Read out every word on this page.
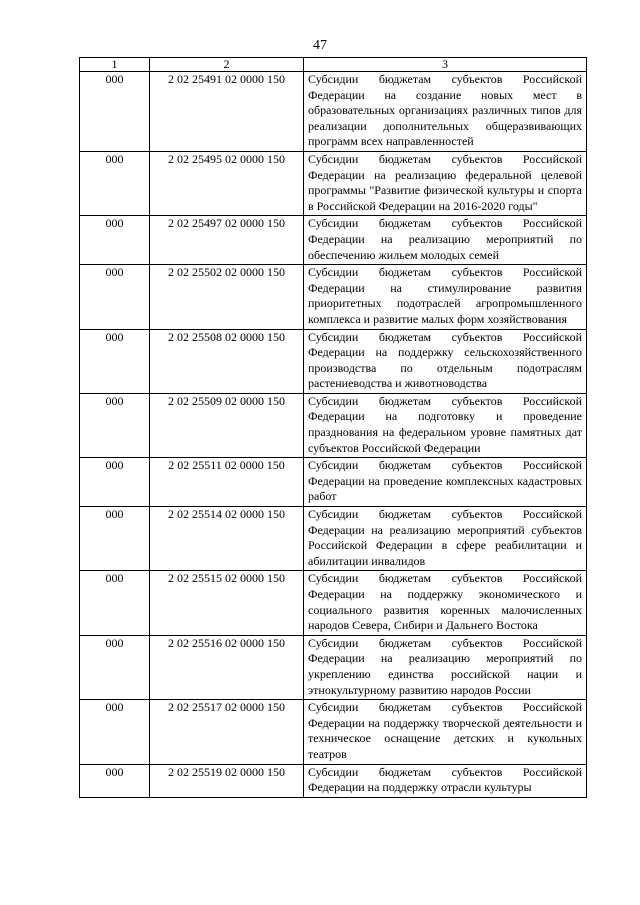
47
1	2	3
000	2 02 25491 02 0000 150	Субсидии бюджетам субъектов Российской Федерации на создание новых мест в образовательных организациях различных типов для реализации дополнительных общеразвивающих программ всех направленностей
000	2 02 25495 02 0000 150	Субсидии бюджетам субъектов Российской Федерации на реализацию федеральной целевой программы "Развитие физической культуры и спорта в Российской Федерации на 2016-2020 годы"
000	2 02 25497 02 0000 150	Субсидии бюджетам субъектов Российской Федерации на реализацию мероприятий по обеспечению жильем молодых семей
000	2 02 25502 02 0000 150	Субсидии бюджетам субъектов Российской Федерации на стимулирование развития приоритетных подотраслей агропромышленного комплекса и развитие малых форм хозяйствования
000	2 02 25508 02 0000 150	Субсидии бюджетам субъектов Российской Федерации на поддержку сельскохозяйственного производства по отдельным подотраслям растениеводства и животноводства
000	2 02 25509 02 0000 150	Субсидии бюджетам субъектов Российской Федерации на подготовку и проведение празднования на федеральном уровне памятных дат субъектов Российской Федерации
000	2 02 25511 02 0000 150	Субсидии бюджетам субъектов Российской Федерации на проведение комплексных кадастровых работ
000	2 02 25514 02 0000 150	Субсидии бюджетам субъектов Российской Федерации на реализацию мероприятий субъектов Российской Федерации в сфере реабилитации и абилитации инвалидов
000	2 02 25515 02 0000 150	Субсидии бюджетам субъектов Российской Федерации на поддержку экономического и социального развития коренных малочисленных народов Севера, Сибири и Дальнего Востока
000	2 02 25516 02 0000 150	Субсидии бюджетам субъектов Российской Федерации на реализацию мероприятий по укреплению единства российской нации и этнокультурному развитию народов России
000	2 02 25517 02 0000 150	Субсидии бюджетам субъектов Российской Федерации на поддержку творческой деятельности и техническое оснащение детских и кукольных театров
000	2 02 25519 02 0000 150	Субсидии бюджетам субъектов Российской Федерации на поддержку отрасли культуры
